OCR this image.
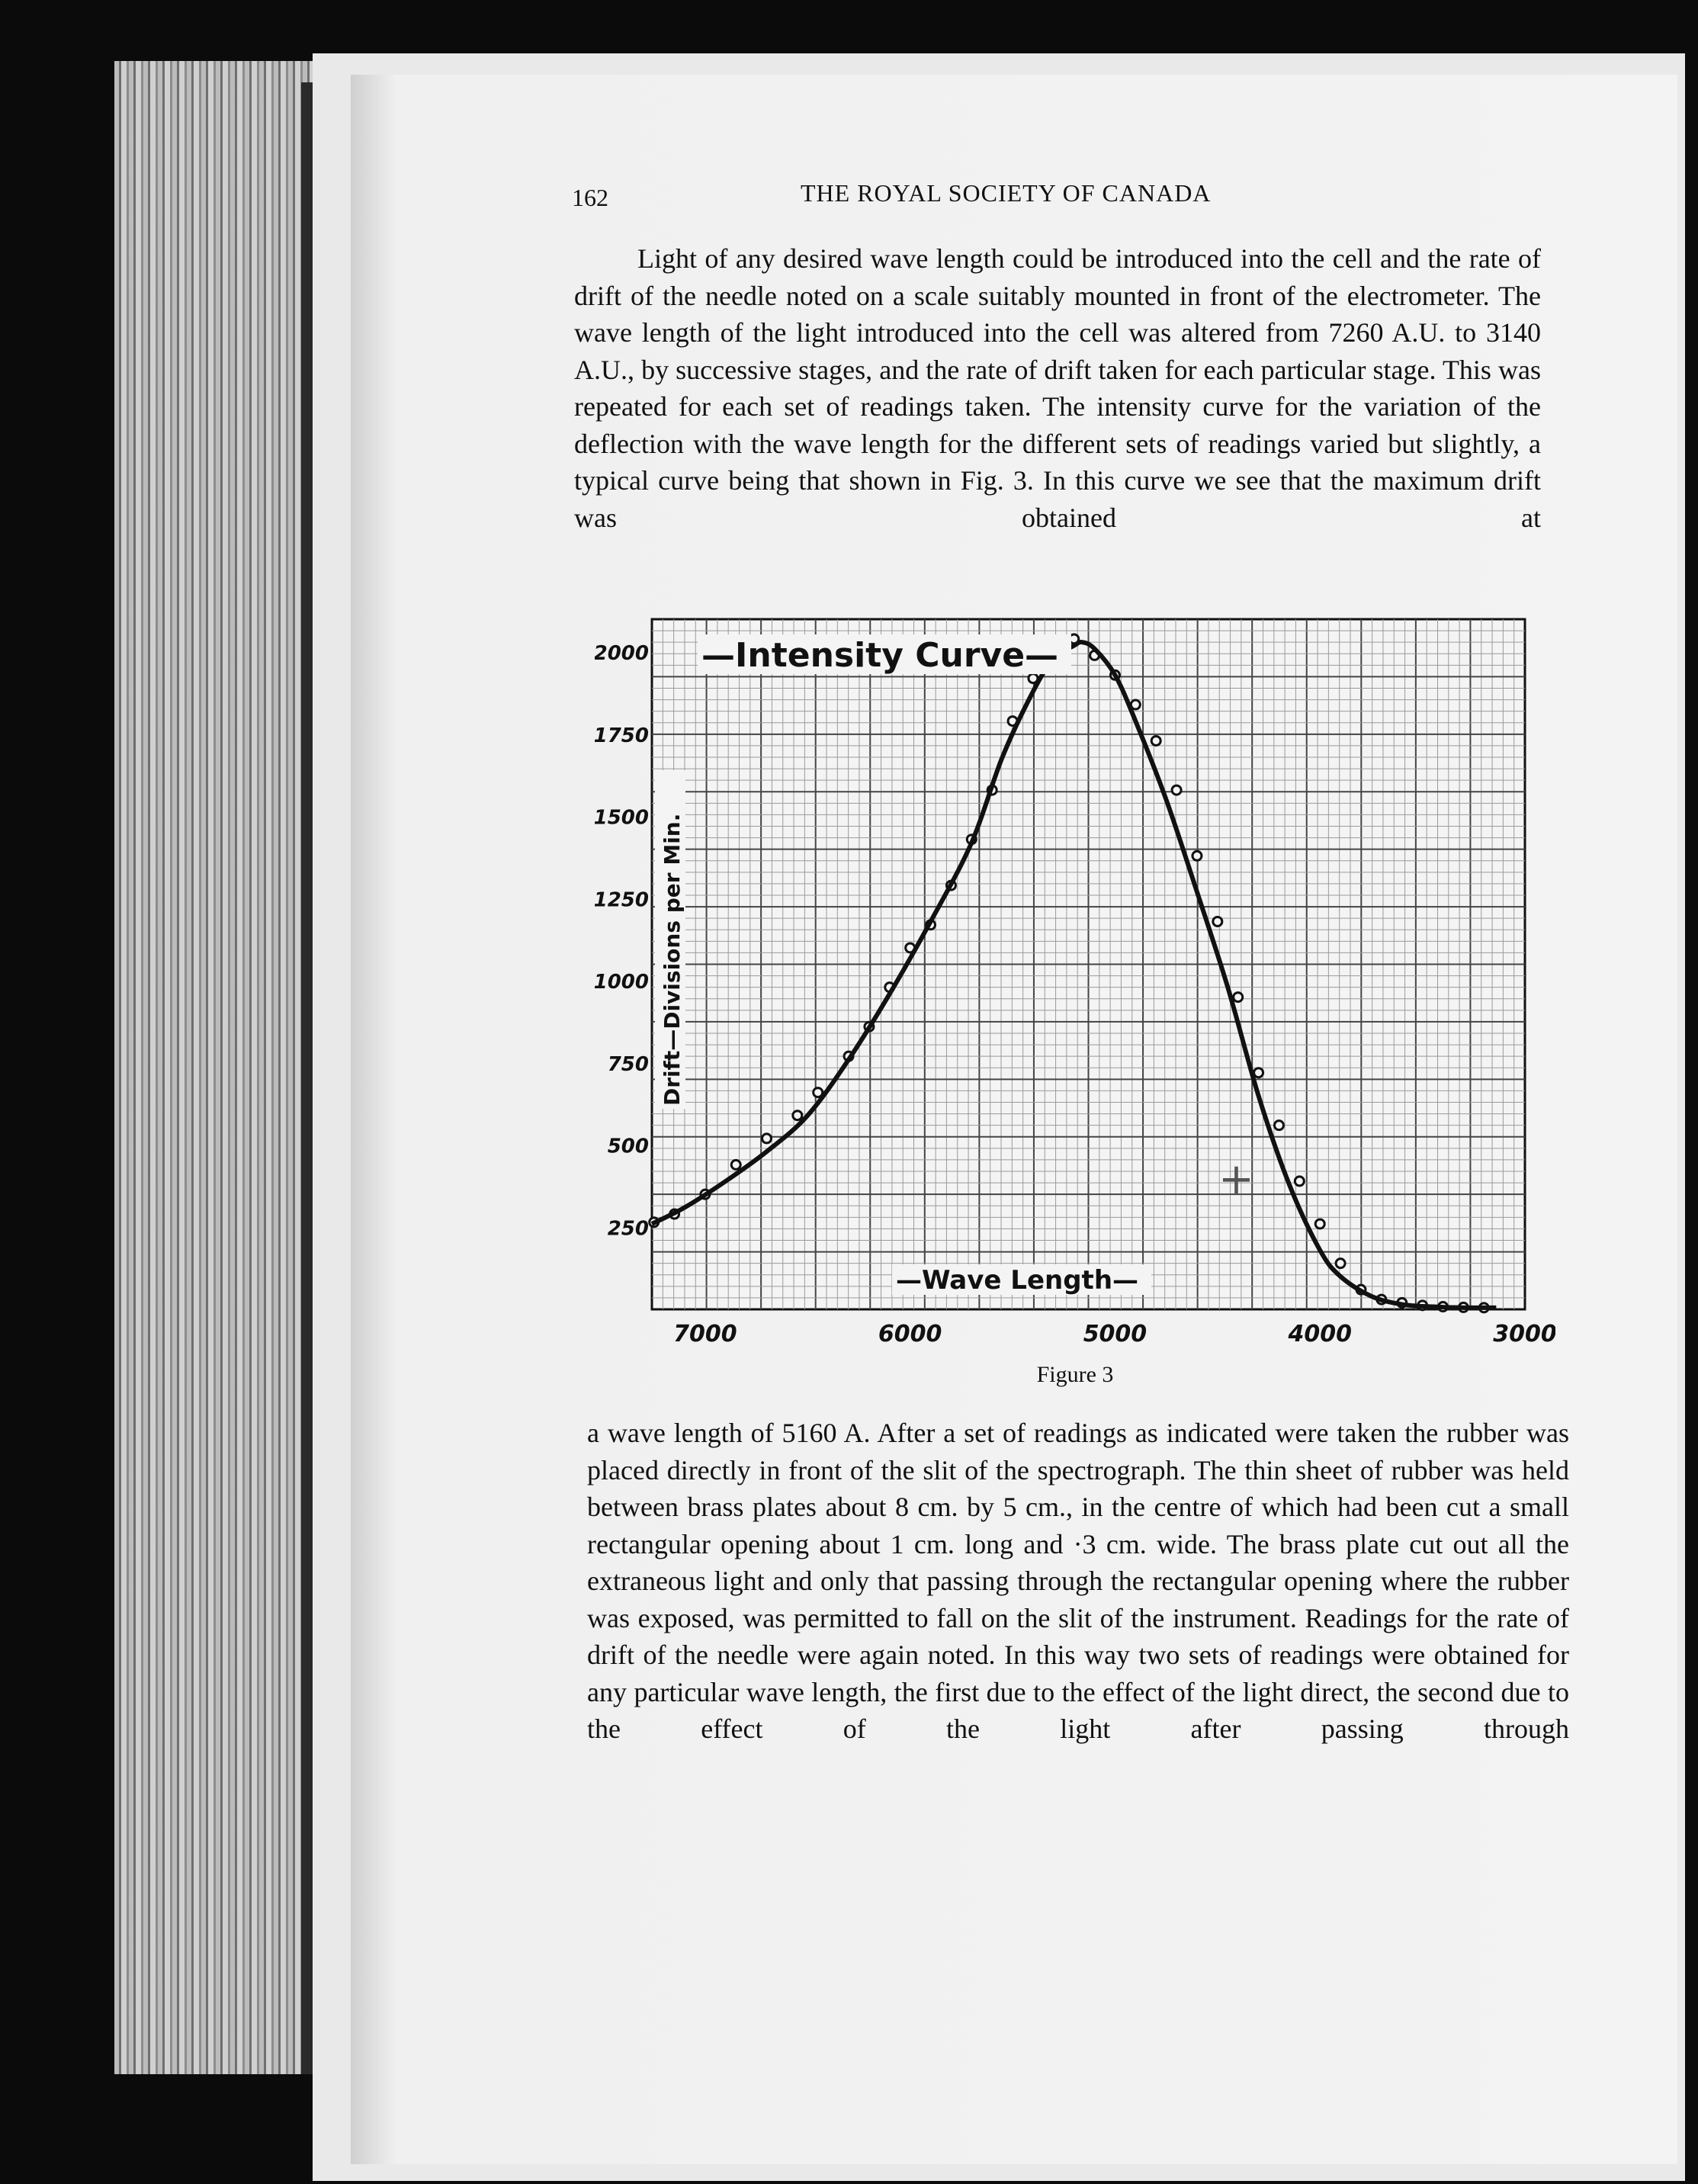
162	THE ROYAL SOCIETY OF CANADA

Light of any desired wave length could be introduced into the cell and the rate of drift of the needle noted on a scale suitably mounted in front of the electrometer. The wave length of the light introduced into the cell was altered from 7260 A.U. to 3140 A.U., by successive stages, and the rate of drift taken for each particular stage. This was repeated for each set of readings taken. The intensity curve for the variation of the deflection with the wave length for the different sets of readings varied but slightly, a typical curve being that shown in Fig. 3. In this curve we see that the maximum drift was obtained at

7000	6000	5000	4000	3000
2000
1750
1500
1250
1000
750
500
250
—Intensity Curve—
—Wave Length—
Drift—Divisions per Min.
+
Figure 3

a wave length of 5160 A. After a set of readings as indicated were taken the rubber was placed directly in front of the slit of the spectrograph. The thin sheet of rubber was held between brass plates about 8 cm. by 5 cm., in the centre of which had been cut a small rectangular opening about 1 cm. long and ·3 cm. wide. The brass plate cut out all the extraneous light and only that passing through the rectangular opening where the rubber was exposed, was permitted to fall on the slit of the instrument. Readings for the rate of drift of the needle were again noted. In this way two sets of readings were obtained for any particular wave length, the first due to the effect of the light direct, the second due to the effect of the light after passing through
